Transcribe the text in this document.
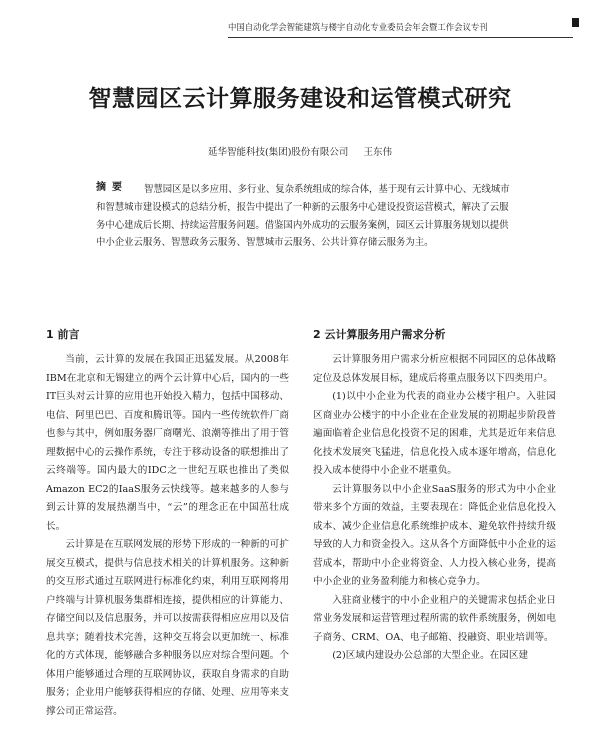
中国自动化学会智能建筑与楼宇自动化专业委员会年会暨工作会议专刊
智慧园区云计算服务建设和运管模式研究
延华智能科技(集团)股份有限公司 王东伟
摘要	智慧园区是以多应用、多行业、复杂系统组成的综合体，基于现有云计算中心、无线城市和智慧城市建设模式的总结分析，报告中提出了一种新的云服务中心建设投资运营模式，解决了云服务中心建成后长期、持续运营服务问题。借鉴国内外成功的云服务案例，园区云计算服务规划以提供中小企业云服务、智慧政务云服务、智慧城市云服务、公共计算存储云服务为主。
1 前言

当前，云计算的发展在我国正迅猛发展。从2008年IBM在北京和无锡建立的两个云计算中心后，国内的一些IT巨头对云计算的应用也开始投入精力，包括中国移动、电信、阿里巴巴、百度和腾讯等。国内一些传统软件厂商也参与其中，例如服务器厂商曙光、浪潮等推出了用于管理数据中心的云操作系统，专注于移动设备的联想推出了云终端等。国内最大的IDC之一世纪互联也推出了类似Amazon EC2的IaaS服务云快线等。越来越多的人参与到云计算的发展热潮当中，“云”的理念正在中国茁壮成长。

云计算是在互联网发展的形势下形成的一种新的可扩展交互模式，提供与信息技术相关的计算机服务。这种新的交互形式通过互联网进行标准化约束，利用互联网将用户终端与计算机服务集群相连接，提供相应的计算能力、存储空间以及信息服务，并可以按需获得相应应用以及信息共享；随着技术完善，这种交互将会以更加统一、标准化的方式体现，能够融合多种服务以应对综合型问题。个体用户能够通过合理的互联网协议，获取自身需求的自助服务；企业用户能够获得相应的存储、处理、应用等来支撑公司正常运营。

2 云计算服务用户需求分析

云计算服务用户需求分析应根据不同园区的总体战略定位及总体发展目标，建成后将重点服务以下四类用户。

(1)以中小企业为代表的商业办公楼宇租户。入驻园区商业办公楼宇的中小企业在企业发展的初期起步阶段普遍面临着企业信息化投资不足的困难，尤其是近年来信息化技术发展突飞猛进，信息化投入成本逐年增高，信息化投入成本使得中小企业不堪重负。

云计算服务以中小企业SaaS服务的形式为中小企业带来多个方面的效益，主要表现在：降低企业信息化投入成本、减少企业信息化系统维护成本、避免软件持续升级导致的人力和资金投入。这从各个方面降低中小企业的运营成本，帮助中小企业将资金、人力投入核心业务，提高中小企业的业务盈利能力和核心竞争力。

入驻商业楼宇的中小企业租户的关键需求包括企业日常业务发展和运营管理过程所需的软件系统服务，例如电子商务、CRM、OA、电子邮箱、投融资、职业培训等。

(2)区域内建设办公总部的大型企业。在园区建
